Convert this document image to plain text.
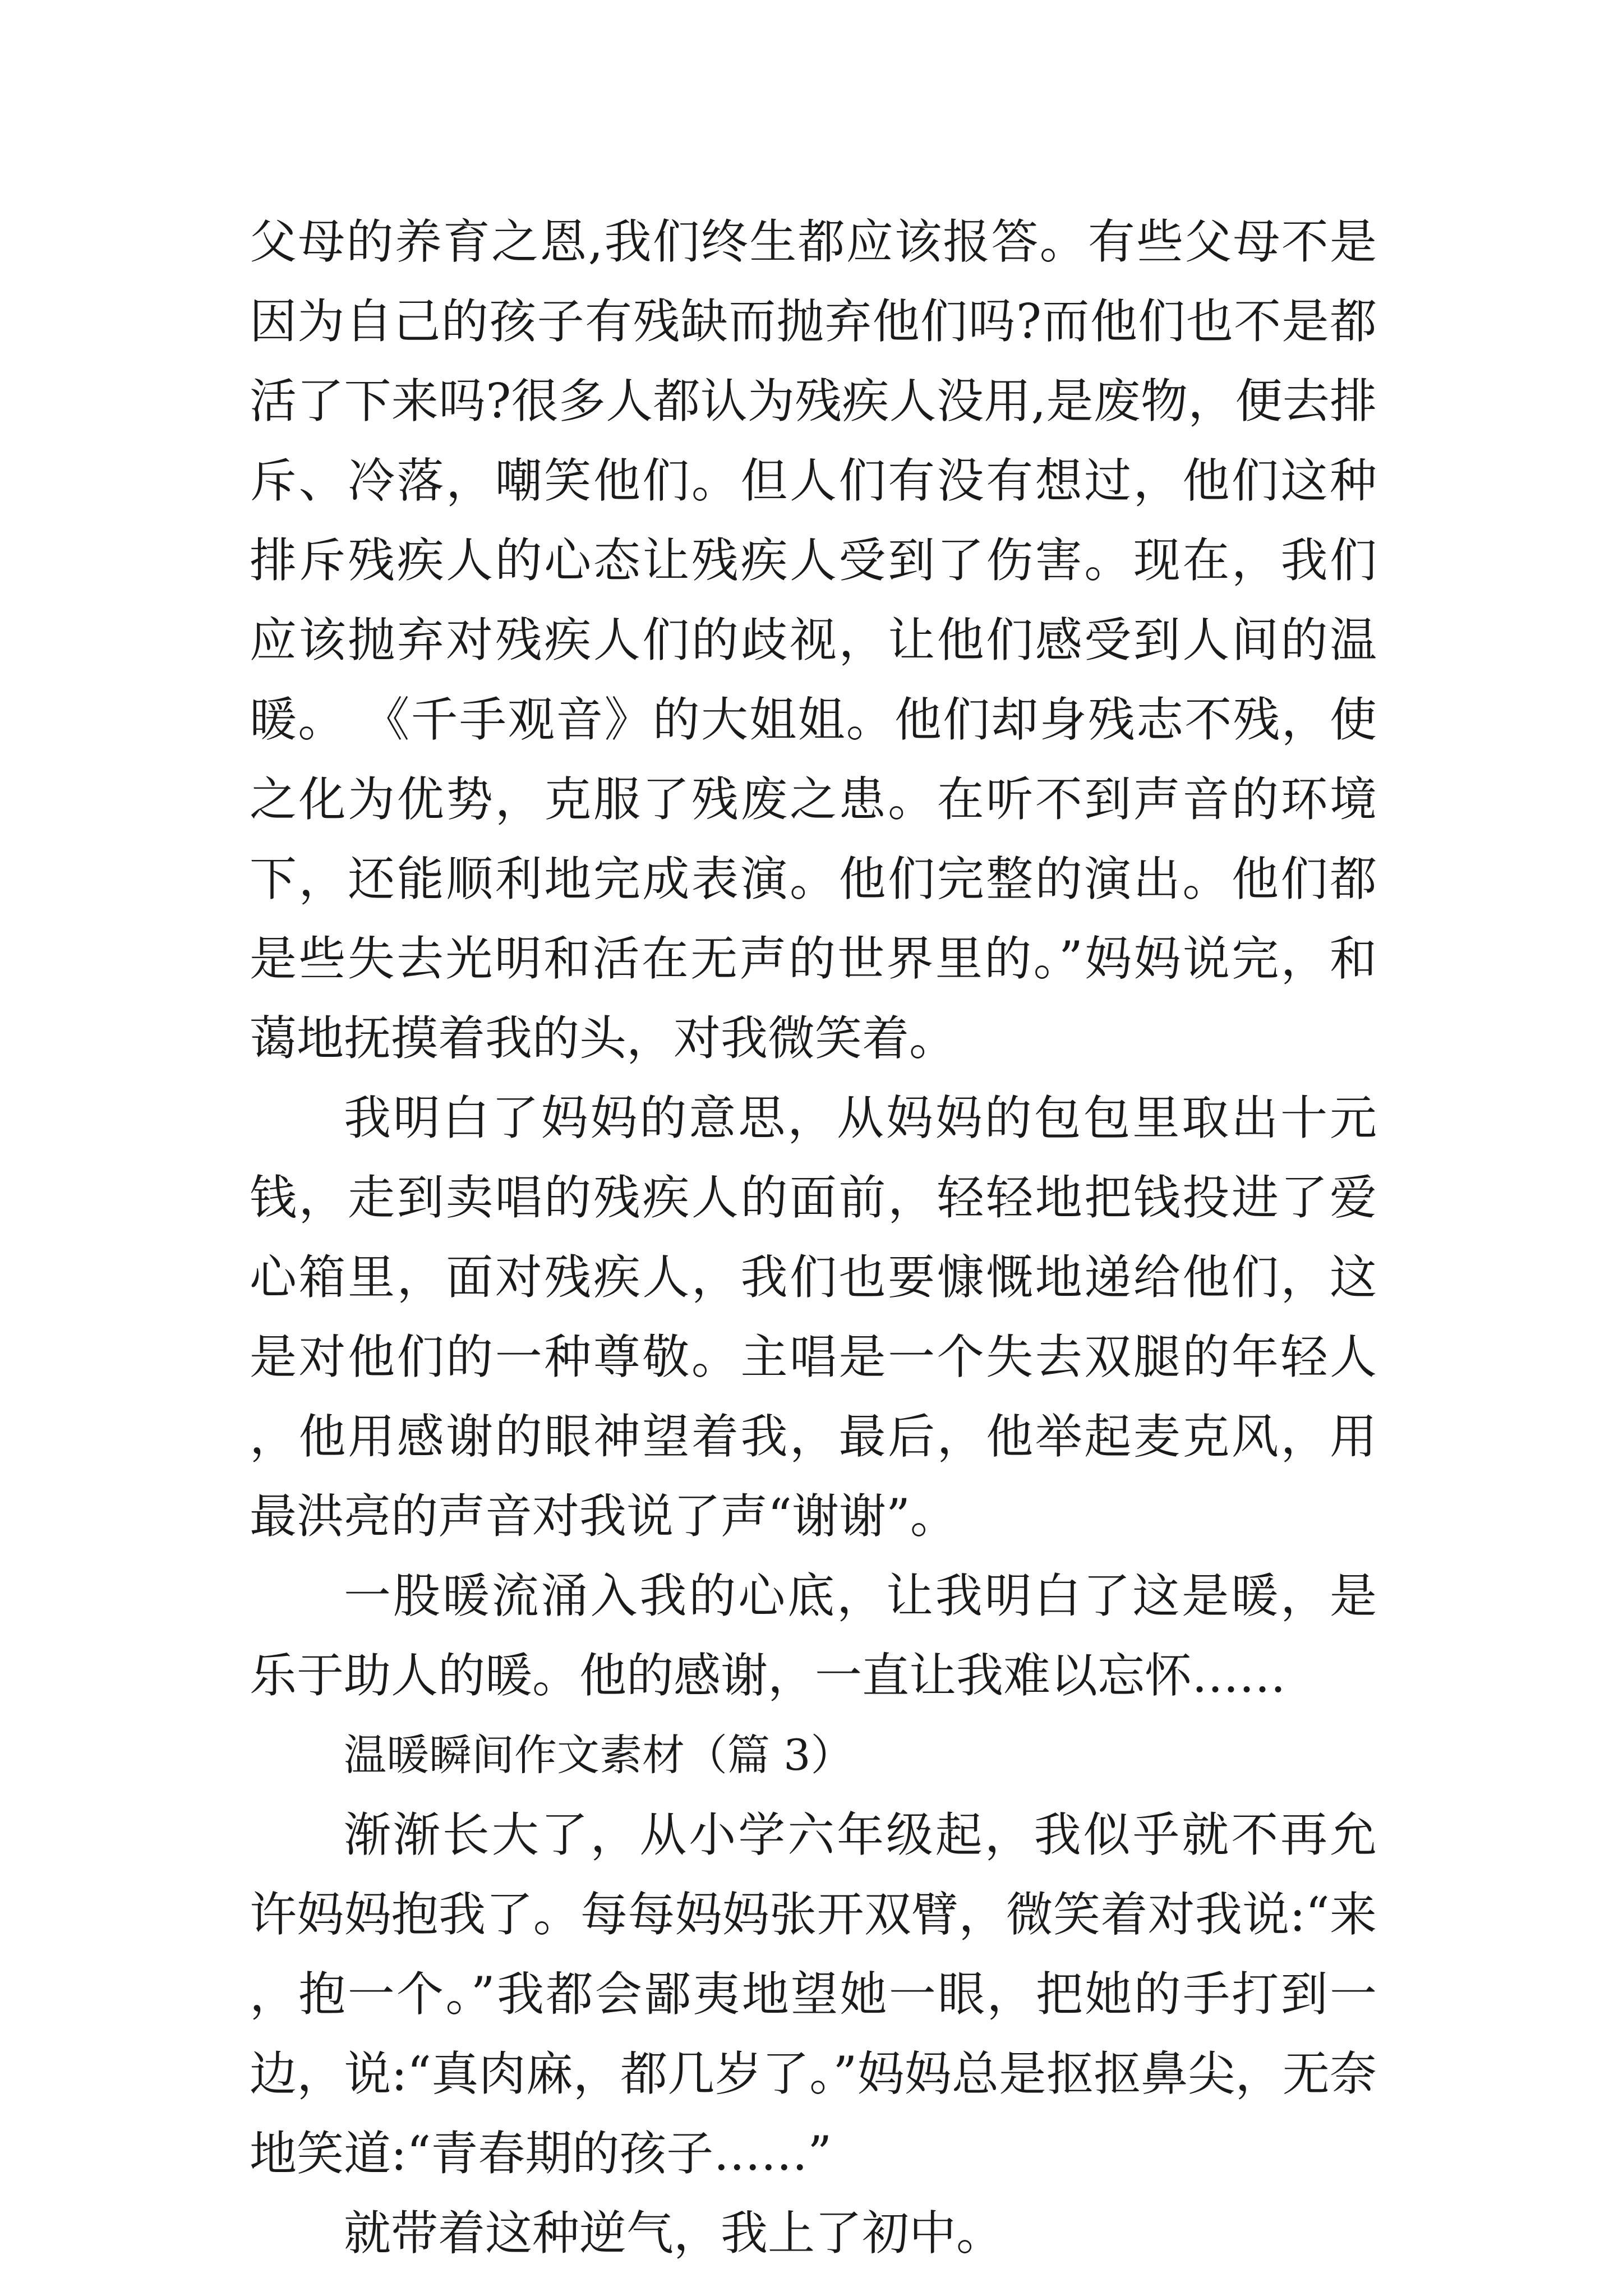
父母的养育之恩,我们终生都应该报答。有些父母不是因为自己的孩子有残缺而抛弃他们吗?而他们也不是都活了下来吗?很多人都认为残疾人没用,是废物，便去排斥、冷落，嘲笑他们。但人们有没有想过，他们这种排斥残疾人的心态让残疾人受到了伤害。现在，我们应该抛弃对残疾人们的歧视，让他们感受到人间的温暖。 《千手观音》的大姐姐。他们却身残志不残，使之化为优势，克服了残废之患。在听不到声音的环境下，还能顺利地完成表演。他们完整的演出。他们都是些失去光明和活在无声的世界里的。”妈妈说完，和蔼地抚摸着我的头，对我微笑着。

我明白了妈妈的意思，从妈妈的包包里取出十元钱，走到卖唱的残疾人的面前，轻轻地把钱投进了爱心箱里，面对残疾人，我们也要慷慨地递给他们，这是对他们的一种尊敬。主唱是一个失去双腿的年轻人，他用感谢的眼神望着我，最后，他举起麦克风，用最洪亮的声音对我说了声“谢谢”。

一股暖流涌入我的心底，让我明白了这是暖，是乐于助人的暖。他的感谢，一直让我难以忘怀……

温暖瞬间作文素材（篇 3）

渐渐长大了，从小学六年级起，我似乎就不再允许妈妈抱我了。每每妈妈张开双臂，微笑着对我说:“来，抱一个。”我都会鄙夷地望她一眼，把她的手打到一边，说:“真肉麻，都几岁了。”妈妈总是抠抠鼻尖，无奈地笑道:“青春期的孩子……”

就带着这种逆气，我上了初中。
